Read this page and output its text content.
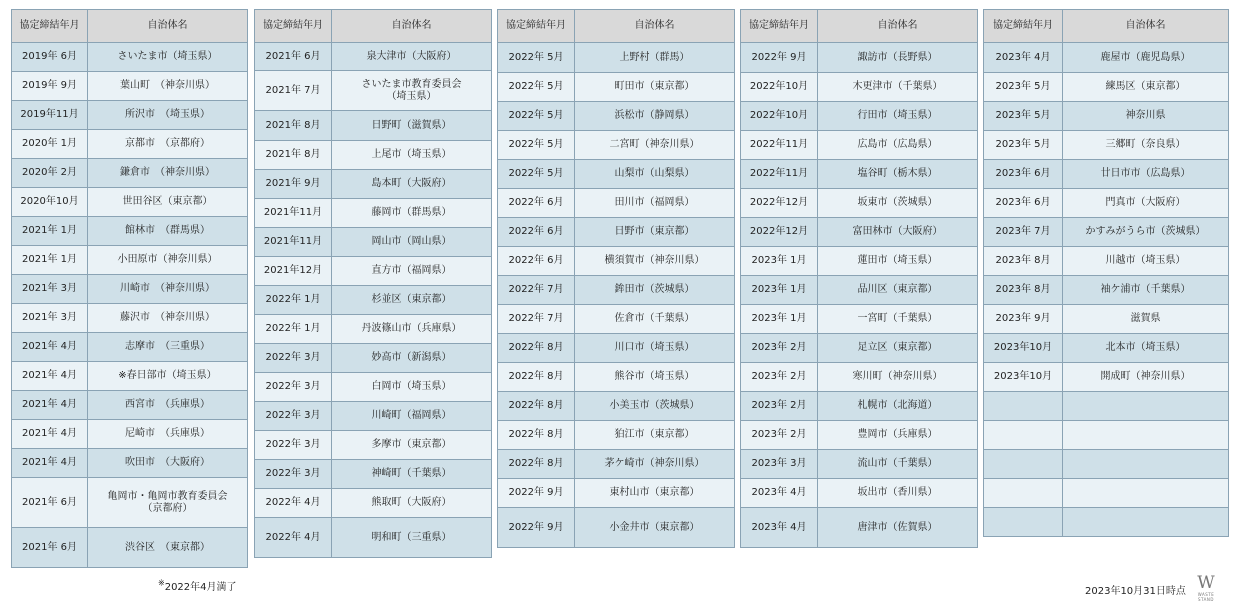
協定締結年月	自治体名
2019年 6月	さいたま市（埼玉県）
2019年 9月	葉山町　（神奈川県）
2019年11月	所沢市　（埼玉県）
2020年 1月	京都市　（京都府）
2020年 2月	鎌倉市　（神奈川県）
2020年10月	世田谷区（東京都）
2021年 1月	館林市　（群馬県）
2021年 1月	小田原市（神奈川県）
2021年 3月	川崎市　（神奈川県）
2021年 3月	藤沢市　（神奈川県）
2021年 4月	志摩市　（三重県）
2021年 4月	※春日部市（埼玉県）
2021年 4月	西宮市　（兵庫県）
2021年 4月	尼崎市　（兵庫県）
2021年 4月	吹田市　（大阪府）
2021年 6月	亀岡市・亀岡市教育委員会
（京都府）
2021年 6月	渋谷区　（東京都）
協定締結年月	自治体名
2021年 6月	泉大津市（大阪府）
2021年 7月	さいたま市教育委員会
（埼玉県）
2021年 8月	日野町（滋賀県）
2021年 8月	上尾市（埼玉県）
2021年 9月	島本町（大阪府）
2021年11月	藤岡市（群馬県）
2021年11月	岡山市（岡山県）
2021年12月	直方市（福岡県）
2022年 1月	杉並区（東京都）
2022年 1月	丹波篠山市（兵庫県）
2022年 3月	妙高市（新潟県）
2022年 3月	白岡市（埼玉県）
2022年 3月	川崎町（福岡県）
2022年 3月	多摩市（東京都）
2022年 3月	神崎町（千葉県）
2022年 4月	熊取町（大阪府）
2022年 4月	明和町（三重県）
協定締結年月	自治体名
2022年 5月	上野村（群馬）
2022年 5月	町田市（東京都）
2022年 5月	浜松市（静岡県）
2022年 5月	二宮町（神奈川県）
2022年 5月	山梨市（山梨県）
2022年 6月	田川市（福岡県）
2022年 6月	日野市（東京都）
2022年 6月	横須賀市（神奈川県）
2022年 7月	鉾田市（茨城県）
2022年 7月	佐倉市（千葉県）
2022年 8月	川口市（埼玉県）
2022年 8月	熊谷市（埼玉県）
2022年 8月	小美玉市（茨城県）
2022年 8月	狛江市（東京都）
2022年 8月	茅ケ崎市（神奈川県）
2022年 9月	東村山市（東京都）
2022年 9月	小金井市（東京都）
協定締結年月	自治体名
2022年 9月	諏訪市（長野県）
2022年10月	木更津市（千葉県）
2022年10月	行田市（埼玉県）
2022年11月	広島市（広島県）
2022年11月	塩谷町（栃木県）
2022年12月	坂東市（茨城県）
2022年12月	富田林市（大阪府）
2023年 1月	蓮田市（埼玉県）
2023年 1月	品川区（東京都）
2023年 1月	一宮町（千葉県）
2023年 2月	足立区（東京都）
2023年 2月	寒川町（神奈川県）
2023年 2月	札幌市（北海道）
2023年 2月	豊岡市（兵庫県）
2023年 3月	流山市（千葉県）
2023年 4月	坂出市（香川県）
2023年 4月	唐津市（佐賀県）
協定締結年月	自治体名
2023年 4月	鹿屋市（鹿児島県）
2023年 5月	練馬区（東京都）
2023年 5月	神奈川県
2023年 5月	三郷町（奈良県）
2023年 6月	廿日市市（広島県）
2023年 6月	門真市（大阪府）
2023年 7月	かすみがうら市（茨城県）
2023年 8月	川越市（埼玉県）
2023年 8月	袖ケ浦市（千葉県）
2023年 9月	滋賀県
2023年10月	北本市（埼玉県）
2023年10月	開成町（神奈川県）

※2022年4月満了	2023年10月31日時点 W
WASTE STAND
